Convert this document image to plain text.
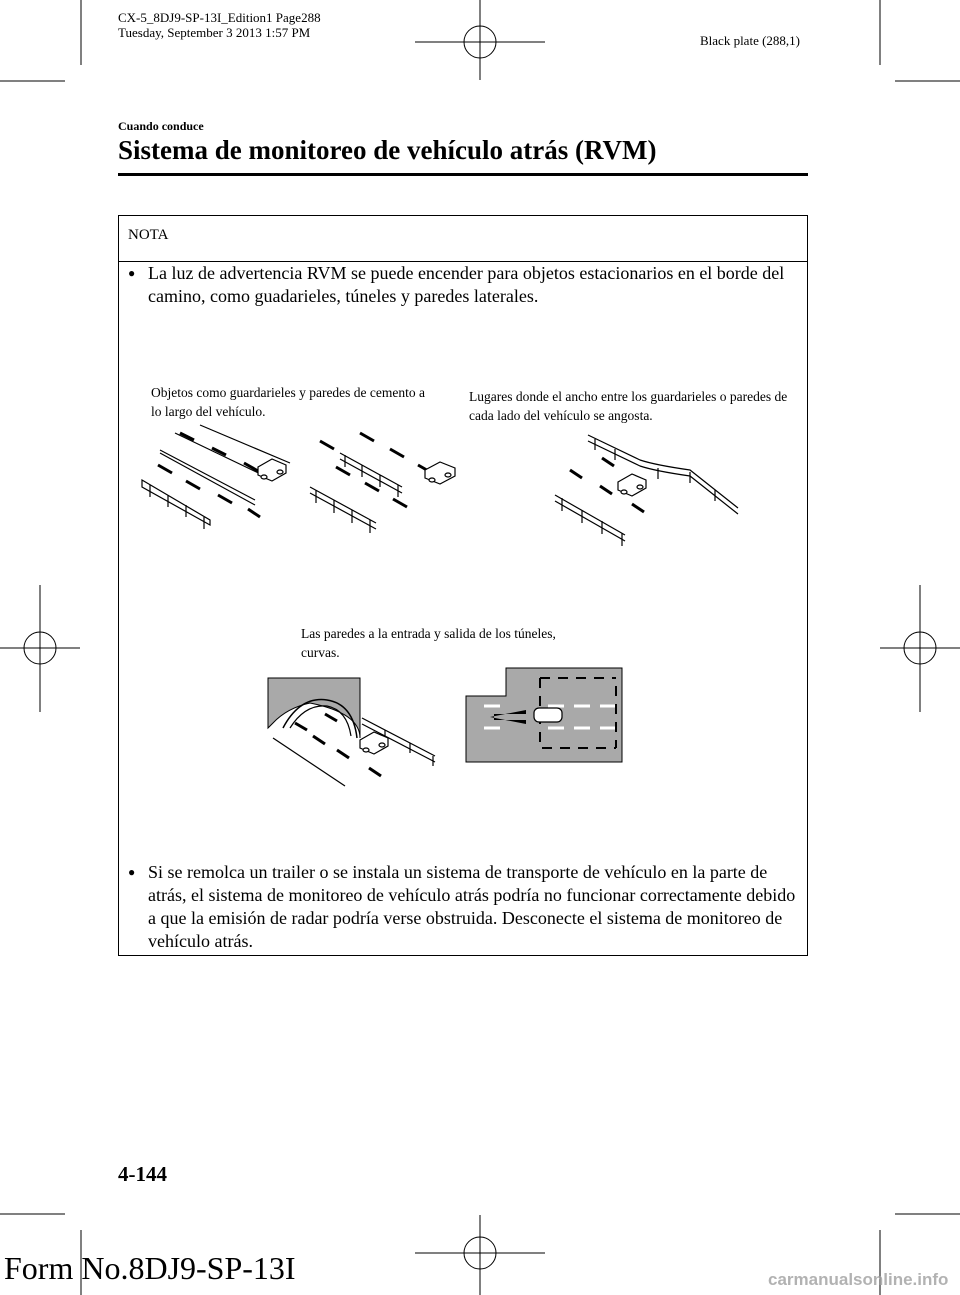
CX-5_8DJ9-SP-13I_Edition1 Page288
Tuesday, September 3 2013 1:57 PM
Black plate (288,1)
Cuando conduce
Sistema de monitoreo de vehículo atrás (RVM)
NOTA
● La luz de advertencia RVM se puede encender para objetos estacionarios en el borde del camino, como guadarieles, túneles y paredes laterales.
Objetos como guardarieles y paredes de cemento a lo largo del vehículo.
Lugares donde el ancho entre los guardarieles o paredes de cada lado del vehículo se angosta.
Las paredes a la entrada y salida de los túneles, curvas.
● Si se remolca un trailer o se instala un sistema de transporte de vehículo en la parte de atrás, el sistema de monitoreo de vehículo atrás podría no funcionar correctamente debido a que la emisión de radar podría verse obstruida. Desconecte el sistema de monitoreo de vehículo atrás.
4-144
Form No.8DJ9-SP-13I	carmanualsonline.info
